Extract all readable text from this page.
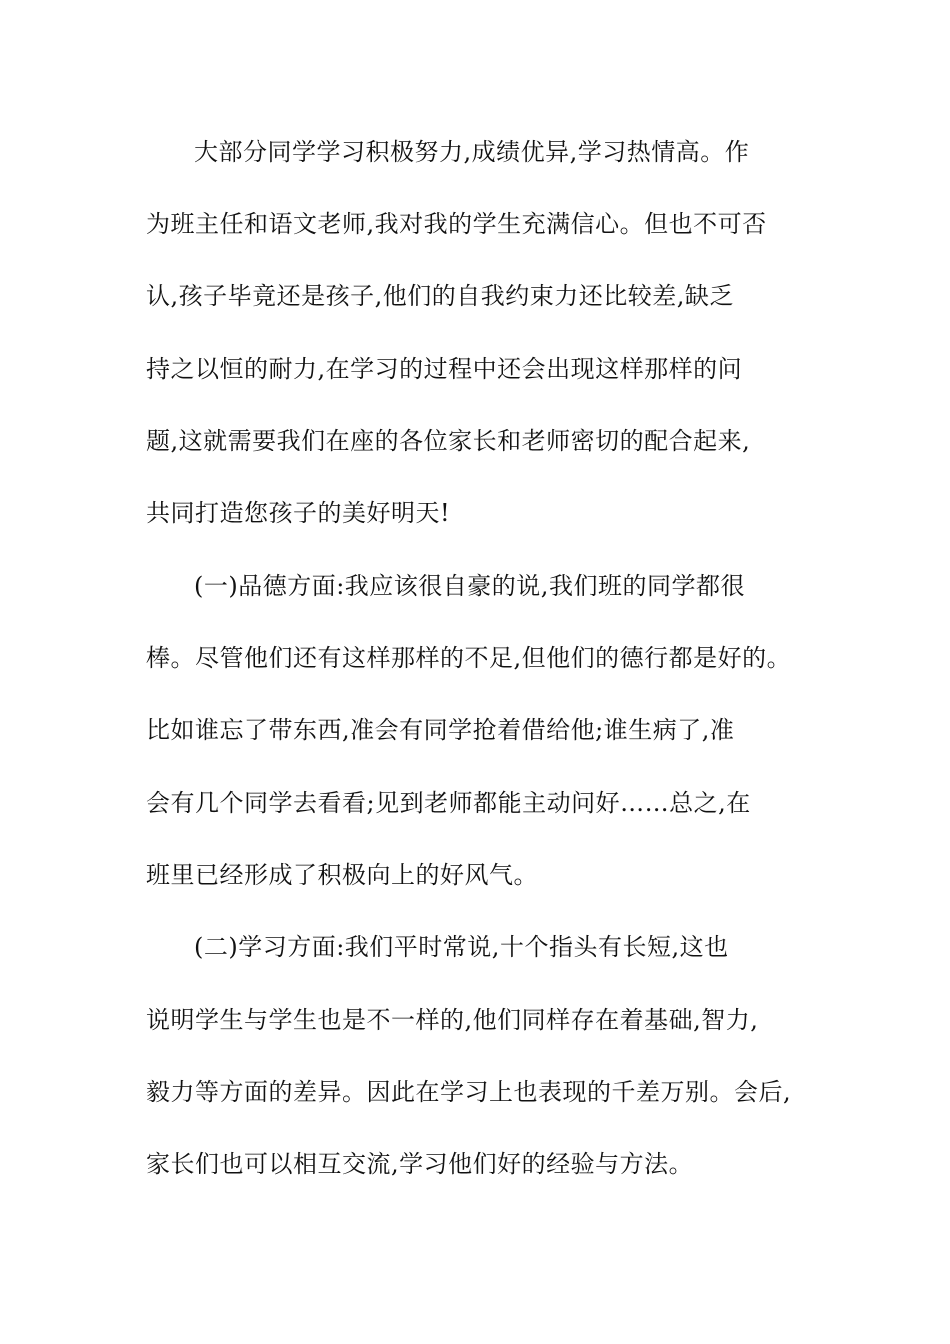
大部分同学学习积极努力,成绩优异,学习热情高。作
为班主任和语文老师,我对我的学生充满信心。但也不可否
认,孩子毕竟还是孩子,他们的自我约束力还比较差,缺乏
持之以恒的耐力,在学习的过程中还会出现这样那样的问
题,这就需要我们在座的各位家长和老师密切的配合起来,
共同打造您孩子的美好明天!
(一)品德方面:我应该很自豪的说,我们班的同学都很
棒。尽管他们还有这样那样的不足,但他们的德行都是好的。
比如谁忘了带东西,准会有同学抢着借给他;谁生病了,准
会有几个同学去看看;见到老师都能主动问好……总之,在
班里已经形成了积极向上的好风气。
(二)学习方面:我们平时常说,十个指头有长短,这也
说明学生与学生也是不一样的,他们同样存在着基础,智力,
毅力等方面的差异。因此在学习上也表现的千差万别。会后,
家长们也可以相互交流,学习他们好的经验与方法。
